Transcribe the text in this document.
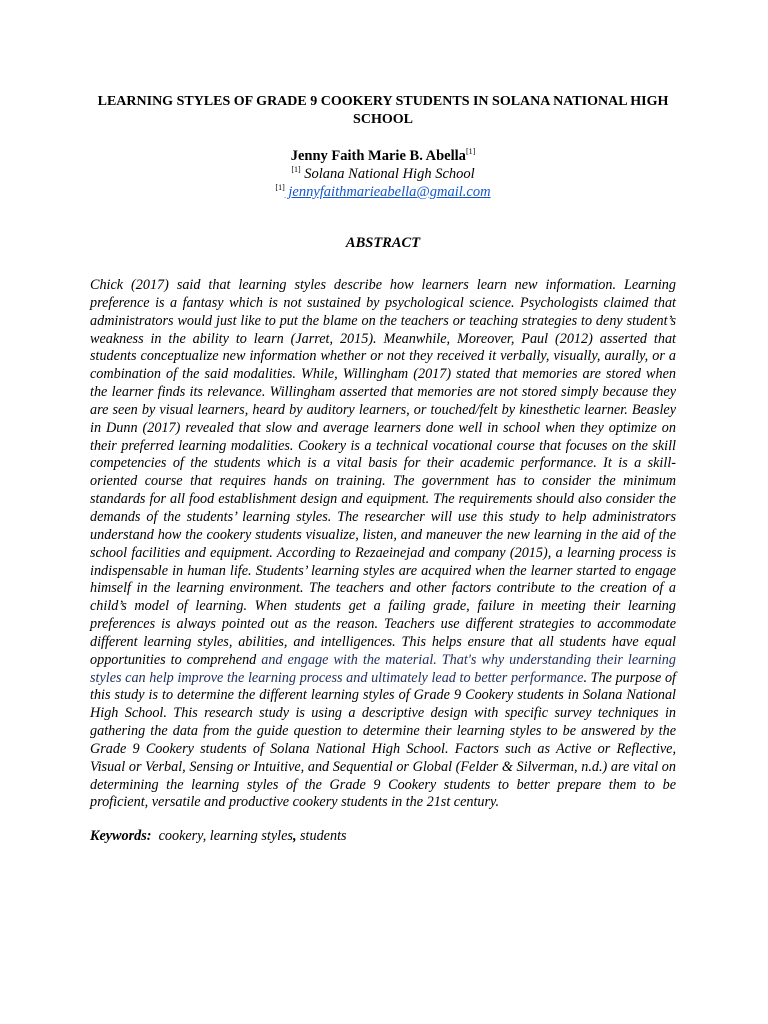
LEARNING STYLES OF GRADE 9 COOKERY STUDENTS IN SOLANA NATIONAL HIGH SCHOOL
Jenny Faith Marie B. Abella[1]
[1] Solana National High School
[1] jennyfaithmarieabella@gmail.com
ABSTRACT

Chick (2017) said that learning styles describe how learners learn new information. Learning preference is a fantasy which is not sustained by psychological science. Psychologists claimed that administrators would just like to put the blame on the teachers or teaching strategies to deny student’s weakness in the ability to learn (Jarret, 2015). Meanwhile, Moreover, Paul (2012) asserted that students conceptualize new information whether or not they received it verbally, visually, aurally, or a combination of the said modalities. While, Willingham (2017) stated that memories are stored when the learner finds its relevance. Willingham asserted that memories are not stored simply because they are seen by visual learners, heard by auditory learners, or touched/felt by kinesthetic learner. Beasley in Dunn (2017) revealed that slow and average learners done well in school when they optimize on their preferred learning modalities. Cookery is a technical vocational course that focuses on the skill competencies of the students which is a vital basis for their academic performance. It is a skill- oriented course that requires hands on training. The government has to consider the minimum standards for all food establishment design and equipment. The requirements should also consider the demands of the students’ learning styles. The researcher will use this study to help administrators understand how the cookery students visualize, listen, and maneuver the new learning in the aid of the school facilities and equipment. According to Rezaeinejad and company (2015), a learning process is indispensable in human life. Students’ learning styles are acquired when the learner started to engage himself in the learning environment. The teachers and other factors contribute to the creation of a child’s model of learning. When students get a failing grade, failure in meeting their learning preferences is always pointed out as the reason. Teachers use different strategies to accommodate different learning styles, abilities, and intelligences. This helps ensure that all students have equal opportunities to comprehend and engage with the material. That's why understanding their learning styles can help improve the learning process and ultimately lead to better performance. The purpose of this study is to determine the different learning styles of Grade 9 Cookery students in Solana National High School. This research study is using a descriptive design with specific survey techniques in gathering the data from the guide question to determine their learning styles to be answered by the Grade 9 Cookery students of Solana National High School. Factors such as Active or Reflective, Visual or Verbal, Sensing or Intuitive, and Sequential or Global (Felder & Silverman, n.d.) are vital on determining the learning styles of the Grade 9 Cookery students to better prepare them to be proficient, versatile and productive cookery students in the 21st century.

Keywords:  cookery, learning styles, students
